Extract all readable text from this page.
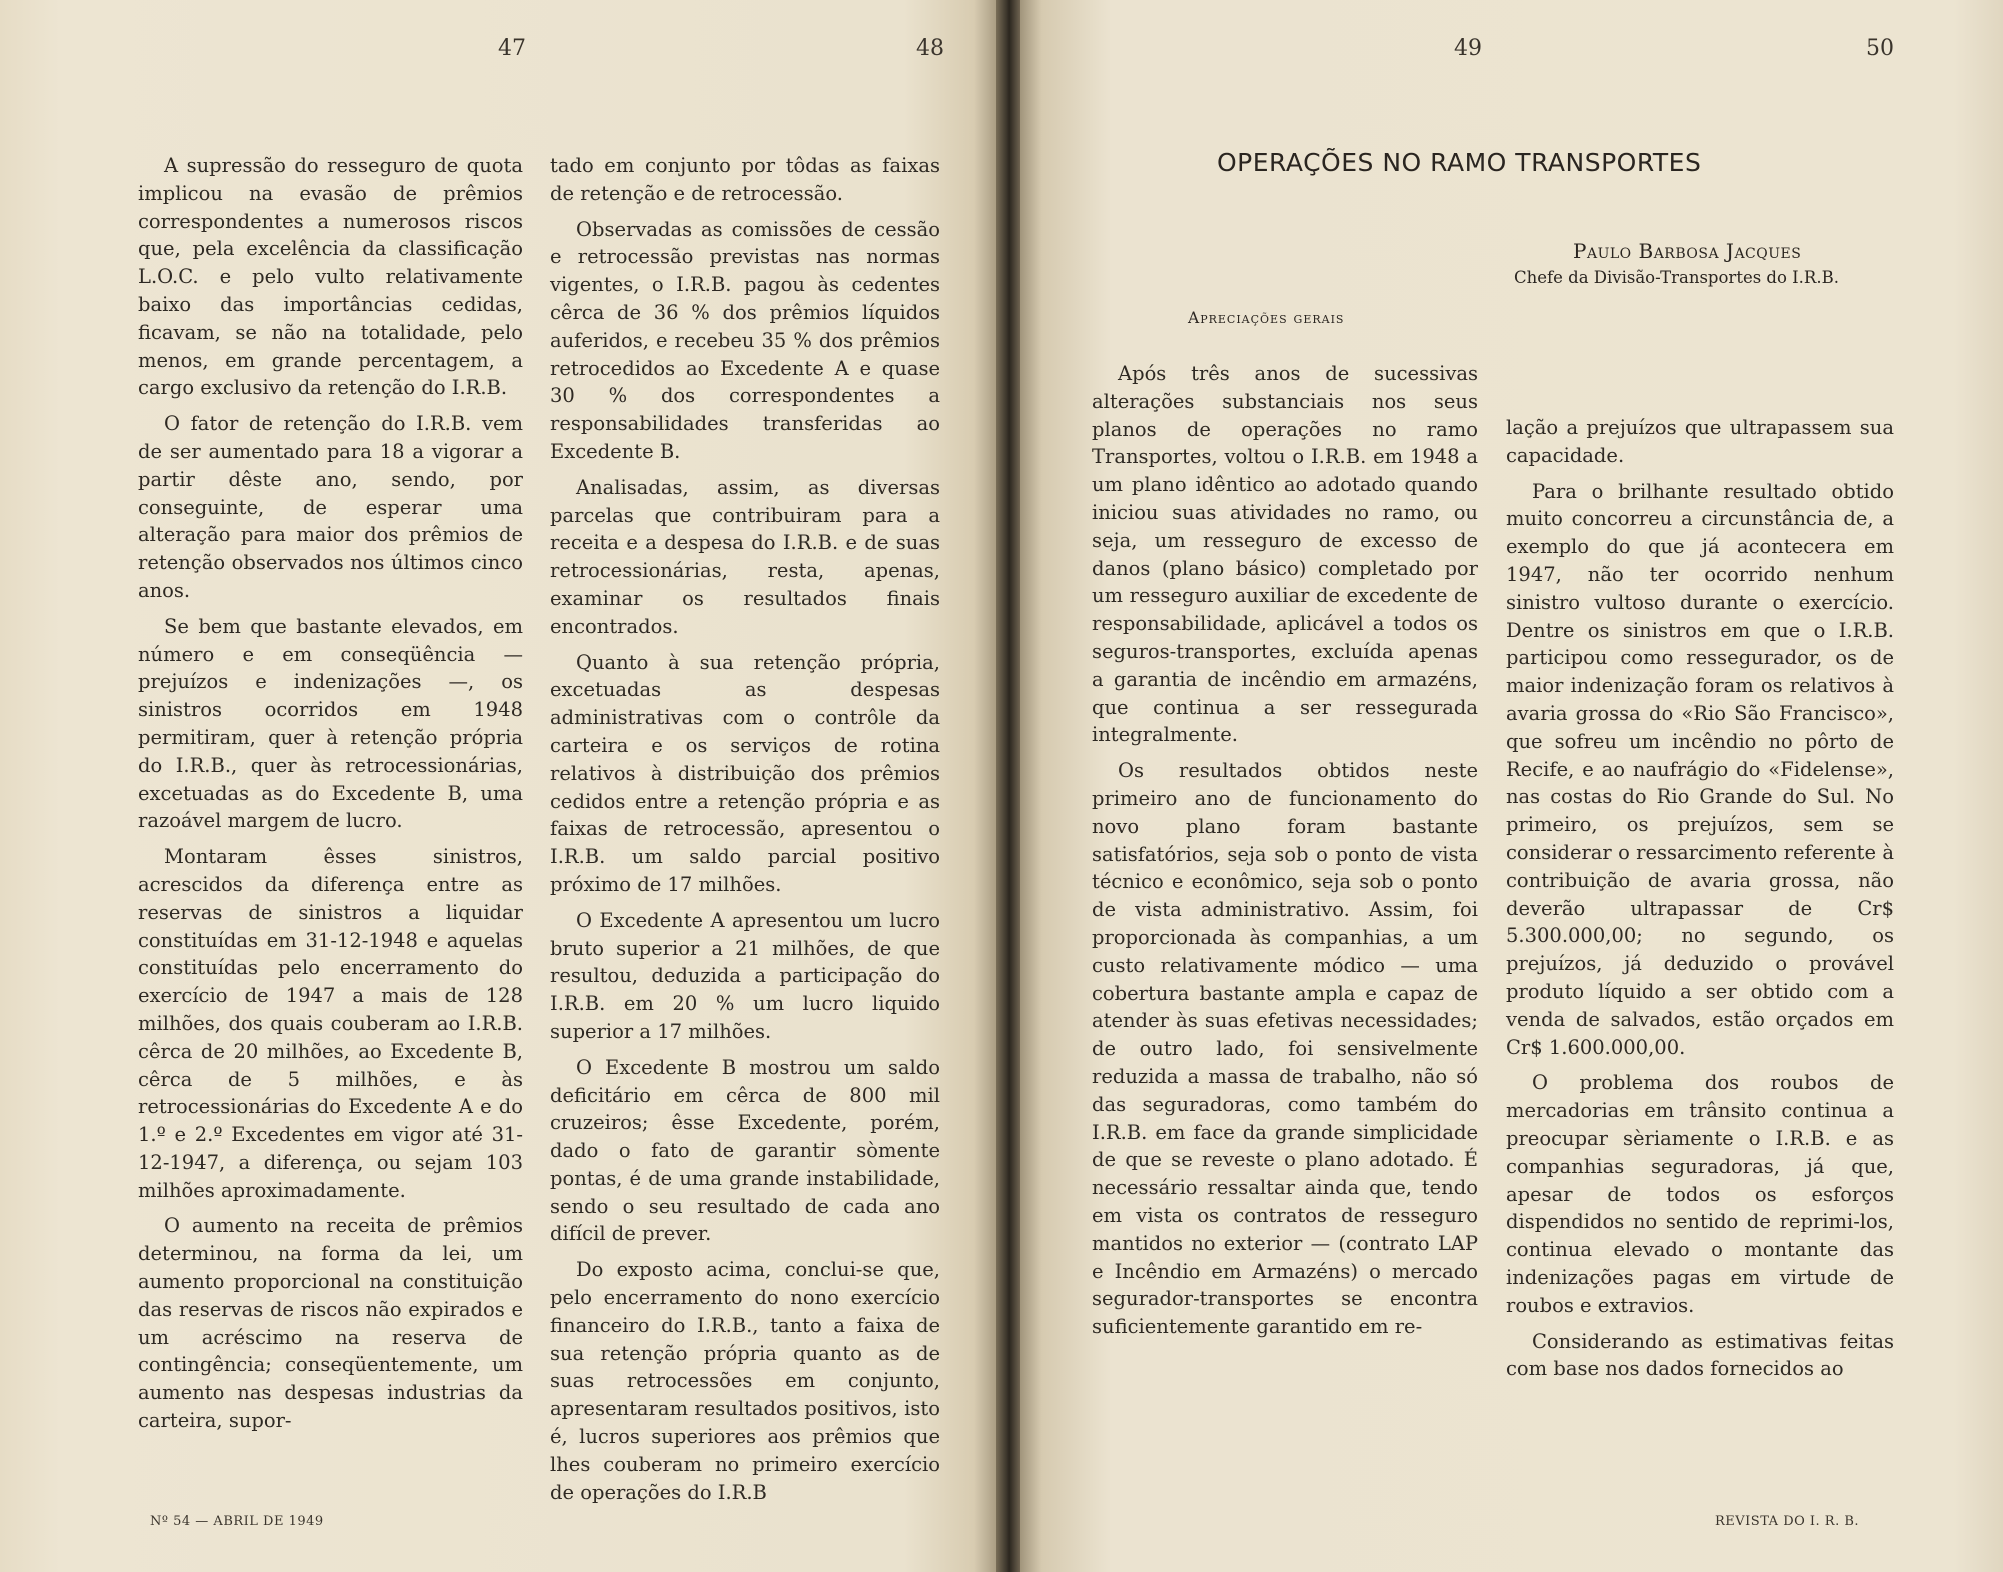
47	48	49	50

A supressão do resseguro de quota implicou na evasão de prêmios correspondentes a numerosos riscos que, pela excelência da classificação L.O.C. e pelo vulto relativamente baixo das importâncias cedidas, ficavam, se não na totalidade, pelo menos, em grande percentagem, a cargo exclusivo da retenção do I.R.B.

O fator de retenção do I.R.B. vem de ser aumentado para 18 a vigorar a partir dêste ano, sendo, por conseguinte, de esperar uma alteração para maior dos prêmios de retenção observados nos últimos cinco anos.

Se bem que bastante elevados, em número e em conseqüência — prejuízos e indenizações —, os sinistros ocorridos em 1948 permitiram, quer à retenção própria do I.R.B., quer às retrocessionárias, excetuadas as do Excedente B, uma razoável margem de lucro.

Montaram êsses sinistros, acrescidos da diferença entre as reservas de sinistros a liquidar constituídas em 31-12-1948 e aquelas constituídas pelo encerramento do exercício de 1947 a mais de 128 milhões, dos quais couberam ao I.R.B. cêrca de 20 milhões, ao Excedente B, cêrca de 5 milhões, e às retrocessionárias do Excedente A e do 1.º e 2.º Excedentes em vigor até 31-12-1947, a diferença, ou sejam 103 milhões aproximadamente.

O aumento na receita de prêmios determinou, na forma da lei, um aumento proporcional na constituição das reservas de riscos não expirados e um acréscimo na reserva de contingência; conseqüentemente, um aumento nas despesas industrias da carteira, supor-

tado em conjunto por tôdas as faixas de retenção e de retrocessão.

Observadas as comissões de cessão e retrocessão previstas nas normas vigentes, o I.R.B. pagou às cedentes cêrca de 36 % dos prêmios líquidos auferidos, e recebeu 35 % dos prêmios retrocedidos ao Excedente A e quase 30 % dos correspondentes a responsabilidades transferidas ao Excedente B.

Analisadas, assim, as diversas parcelas que contribuiram para a receita e a despesa do I.R.B. e de suas retrocessionárias, resta, apenas, examinar os resultados finais encontrados.

Quanto à sua retenção própria, excetuadas as despesas administrativas com o contrôle da carteira e os serviços de rotina relativos à distribuição dos prêmios cedidos entre a retenção própria e as faixas de retrocessão, apresentou o I.R.B. um saldo parcial positivo próximo de 17 milhões.

O Excedente A apresentou um lucro bruto superior a 21 milhões, de que resultou, deduzida a participação do I.R.B. em 20 % um lucro liquido superior a 17 milhões.

O Excedente B mostrou um saldo deficitário em cêrca de 800 mil cruzeiros; êsse Excedente, porém, dado o fato de garantir sòmente pontas, é de uma grande instabilidade, sendo o seu resultado de cada ano difícil de prever.

Do exposto acima, conclui-se que, pelo encerramento do nono exercício financeiro do I.R.B., tanto a faixa de sua retenção própria quanto as de suas retrocessões em conjunto, apresentaram resultados positivos, isto é, lucros superiores aos prêmios que lhes couberam no primeiro exercício de operações do I.R.B

OPERAÇÕES NO RAMO TRANSPORTES
Paulo Barbosa Jacques
Chefe da Divisão-Transportes do I.R.B.
Apreciações gerais

Após três anos de sucessivas alterações substanciais nos seus planos de operações no ramo Transportes, voltou o I.R.B. em 1948 a um plano idêntico ao adotado quando iniciou suas atividades no ramo, ou seja, um resseguro de excesso de danos (plano básico) completado por um resseguro auxiliar de excedente de responsabilidade, aplicável a todos os seguros-transportes, excluída apenas a garantia de incêndio em armazéns, que continua a ser ressegurada integralmente.

Os resultados obtidos neste primeiro ano de funcionamento do novo plano foram bastante satisfatórios, seja sob o ponto de vista técnico e econômico, seja sob o ponto de vista administrativo. Assim, foi proporcionada às companhias, a um custo relativamente módico — uma cobertura bastante ampla e capaz de atender às suas efetivas necessidades; de outro lado, foi sensivelmente reduzida a massa de trabalho, não só das seguradoras, como também do I.R.B. em face da grande simplicidade de que se reveste o plano adotado. É necessário ressaltar ainda que, tendo em vista os contratos de resseguro mantidos no exterior — (contrato LAP e Incêndio em Armazéns) o mercado segurador-transportes se encontra suficientemente garantido em re-

lação a prejuízos que ultrapassem sua capacidade.

Para o brilhante resultado obtido muito concorreu a circunstância de, a exemplo do que já acontecera em 1947, não ter ocorrido nenhum sinistro vultoso durante o exercício. Dentre os sinistros em que o I.R.B. participou como ressegurador, os de maior indenização foram os relativos à avaria grossa do «Rio São Francisco», que sofreu um incêndio no pôrto de Recife, e ao naufrágio do «Fidelense», nas costas do Rio Grande do Sul. No primeiro, os prejuízos, sem se considerar o ressarcimento referente à contribuição de avaria grossa, não deverão ultrapassar de Cr$ 5.300.000,00; no segundo, os prejuízos, já deduzido o provável produto líquido a ser obtido com a venda de salvados, estão orçados em Cr$ 1.600.000,00.

O problema dos roubos de mercadorias em trânsito continua a preocupar sèriamente o I.R.B. e as companhias seguradoras, já que, apesar de todos os esforços dispendidos no sentido de reprimi-los, continua elevado o montante das indenizações pagas em virtude de roubos e extravios.

Considerando as estimativas feitas com base nos dados fornecidos ao

Nº 54 — ABRIL DE 1949	REVISTA DO I. R. B.
